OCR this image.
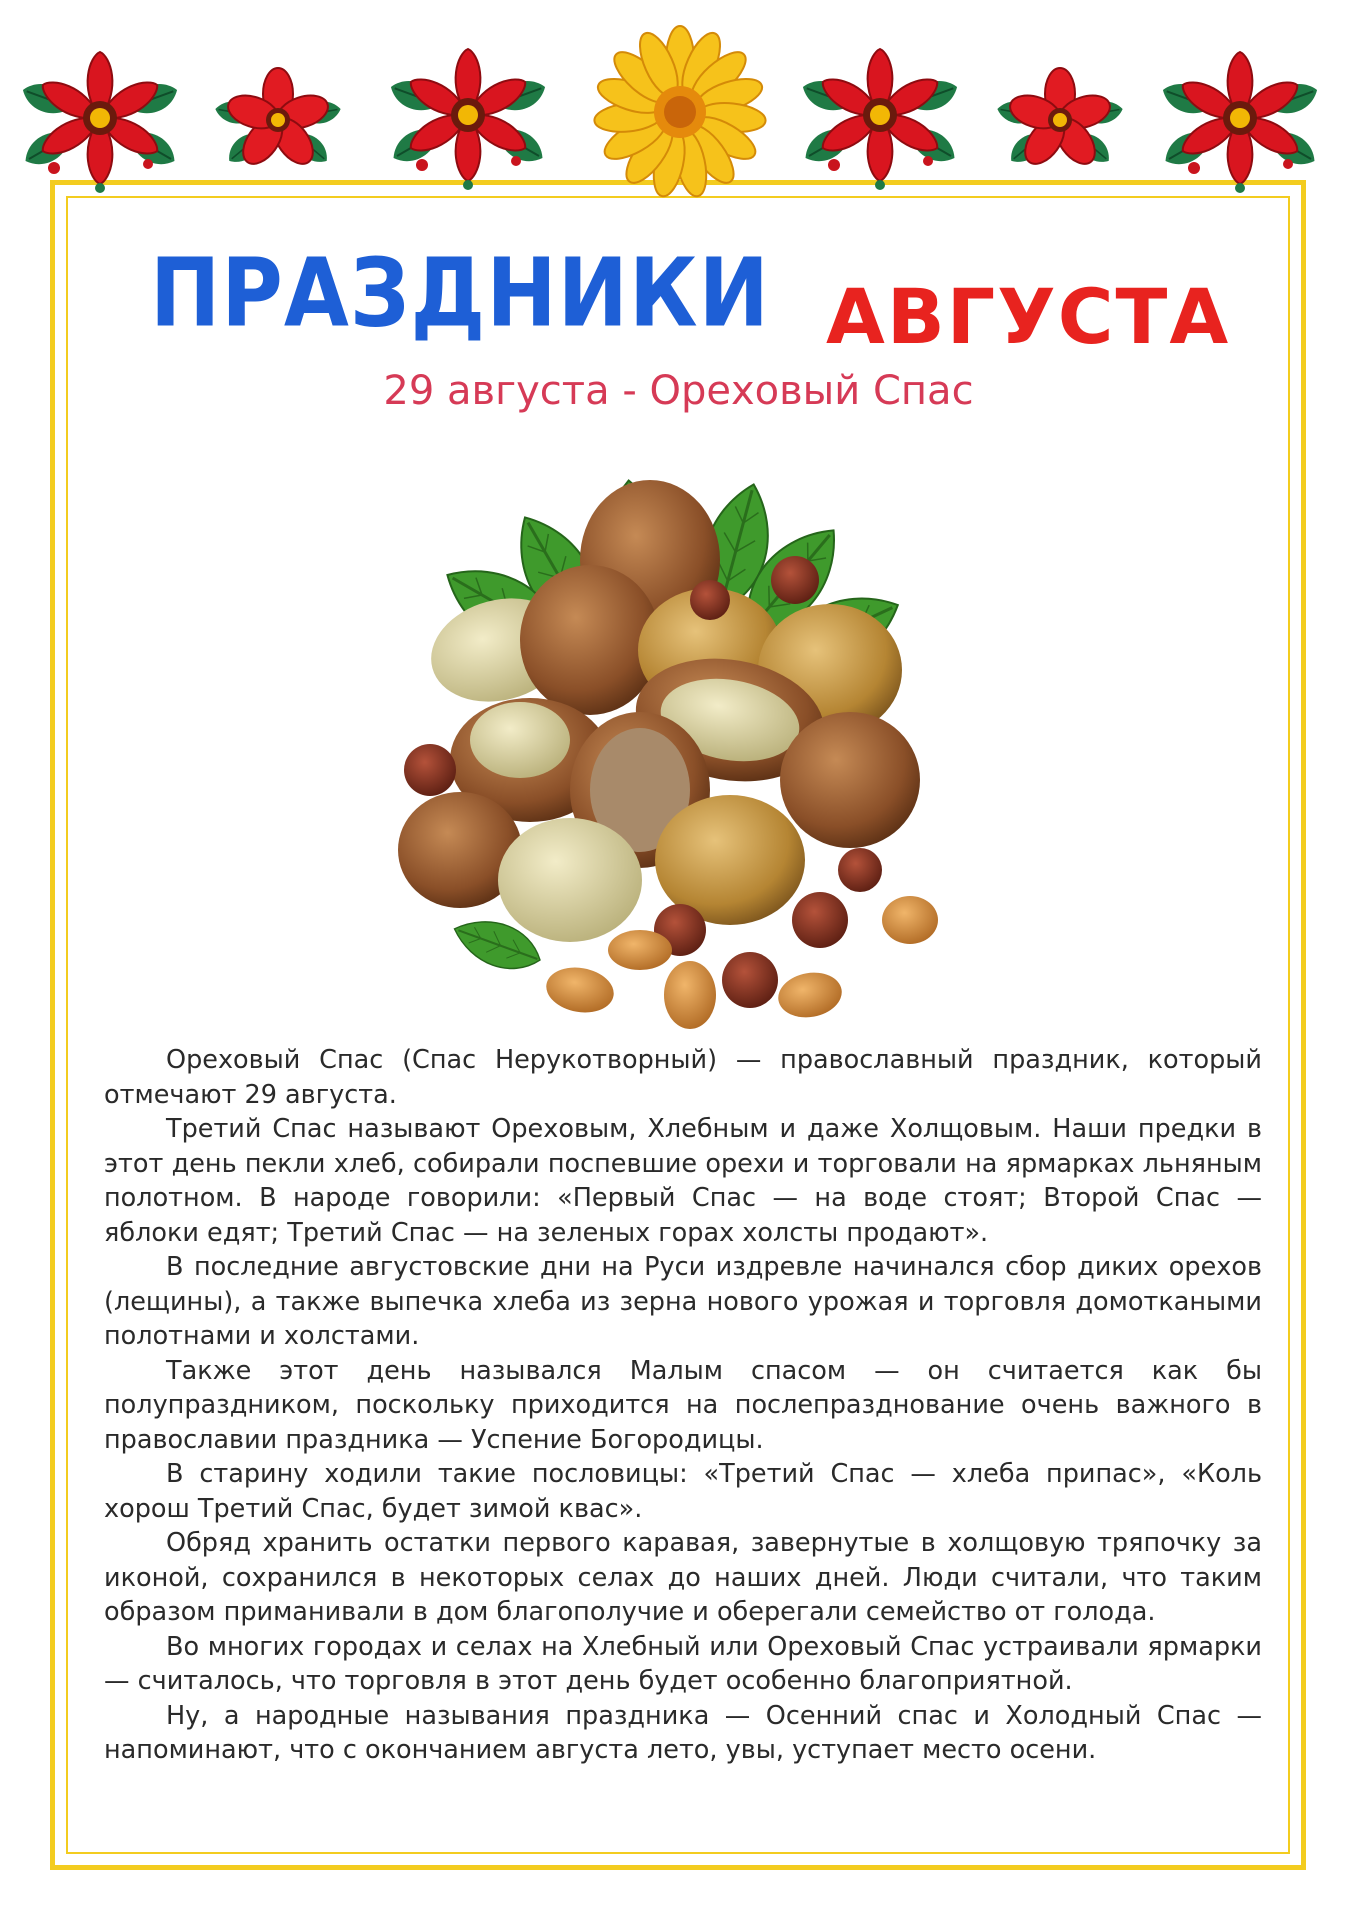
ПРАЗДНИКИ АВГУСТА
29 августа - Ореховый Спас

Ореховый Спас (Спас Нерукотворный) — православный праздник, который отмечают 29 августа.

Третий Спас называют Ореховым, Хлебным и даже Холщовым. Наши предки в этот день пекли хлеб, собирали поспевшие орехи и торговали на ярмарках льняным полотном. В народе говорили: «Первый Спас — на воде стоят; Второй Спас — яблоки едят; Третий Спас — на зеленых горах холсты продают».

В последние августовские дни на Руси издревле начинался сбор диких орехов (лещины), а также выпечка хлеба из зерна нового урожая и торговля домоткаными полотнами и холстами.

Также этот день назывался Малым спасом — он считается как бы полупраздником, поскольку приходится на послепразднование очень важного в православии праздника — Успение Богородицы.

В старину ходили такие пословицы: «Третий Спас — хлеба припас», «Коль хорош Третий Спас, будет зимой квас».

Обряд хранить остатки первого каравая, завернутые в холщовую тряпочку за иконой, сохранился в некоторых селах до наших дней. Люди считали, что таким образом приманивали в дом благополучие и оберегали семейство от голода.

Во многих городах и селах на Хлебный или Ореховый Спас устраивали ярмарки — считалось, что торговля в этот день будет особенно благоприятной.

Ну, а народные называния праздника — Осенний спас и Холодный Спас — напоминают, что с окончанием августа лето, увы, уступает место осени.
